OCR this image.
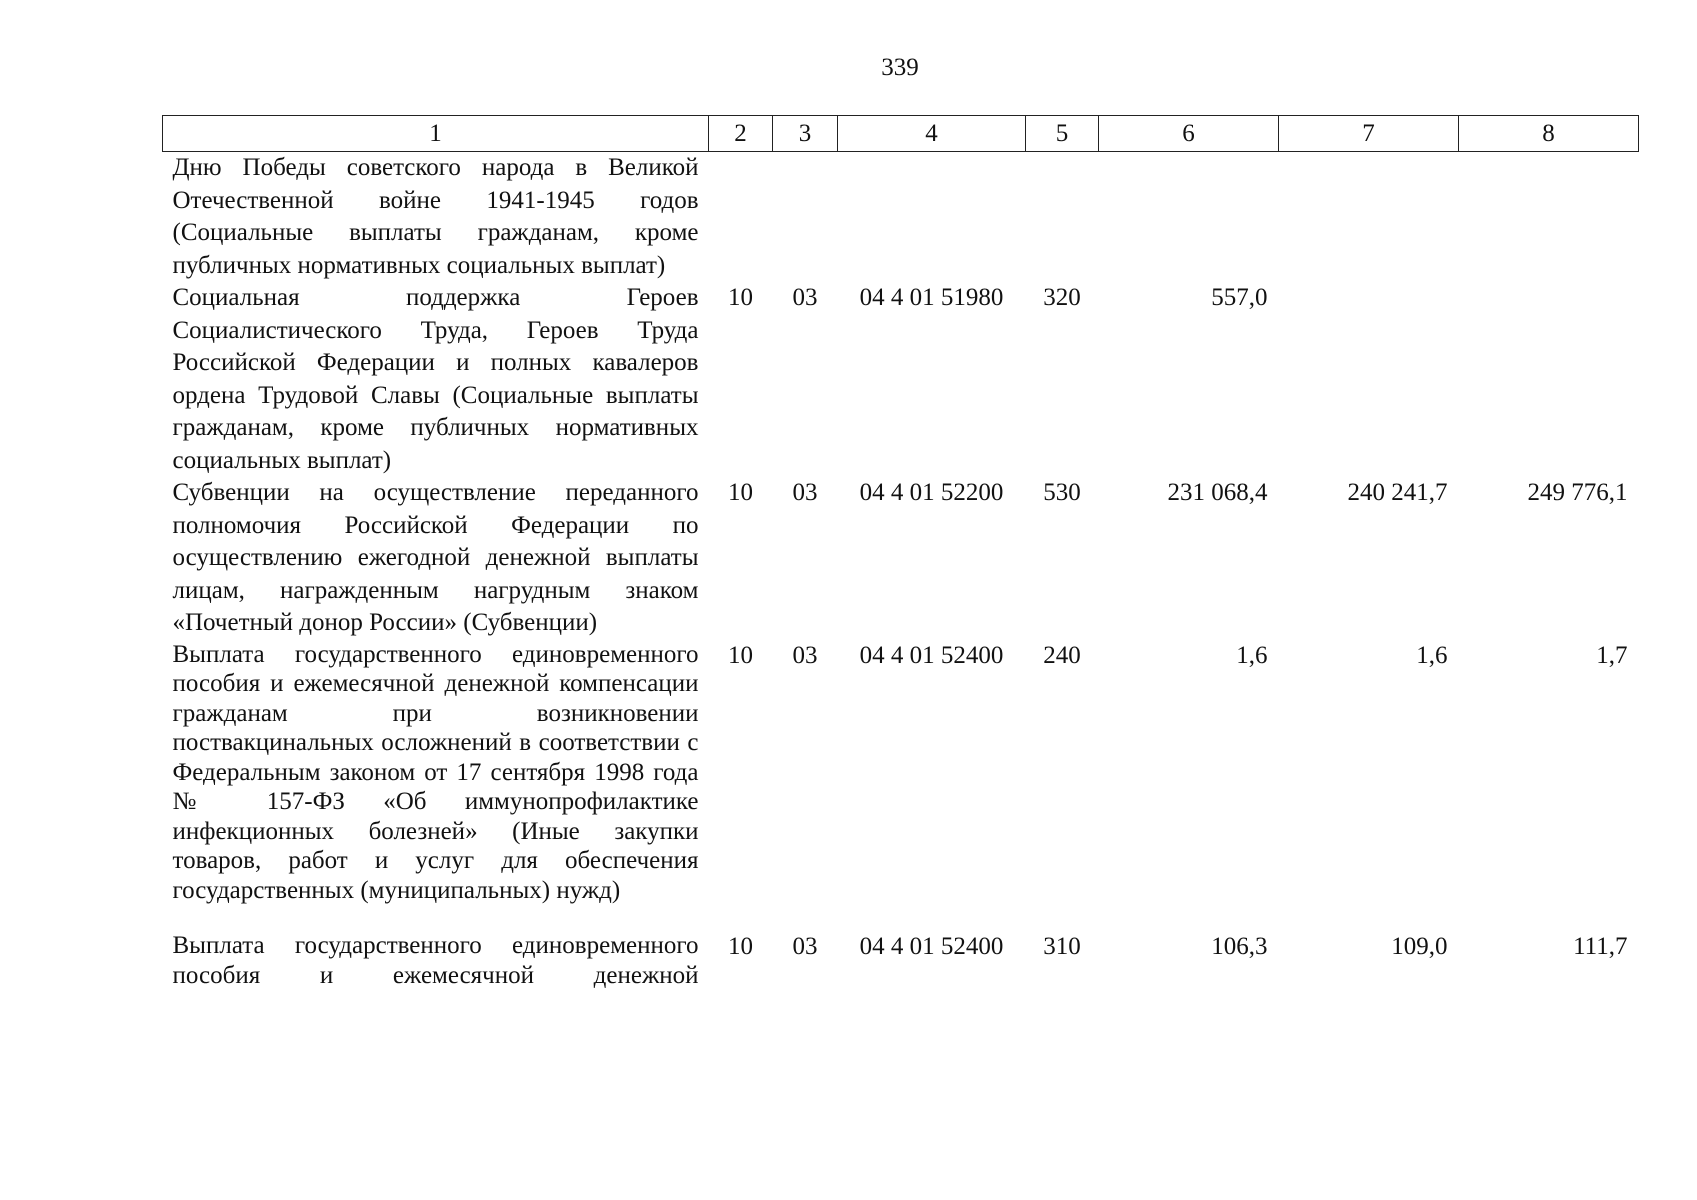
339
1	2	3	4	5	6	7	8
Дню Победы советского народа в Великой Отечественной войне 1941-1945 годов (Социальные выплаты гражданам, кроме публичных нормативных социальных выплат)							
Социальная поддержка Героев Социалистического Труда, Героев Труда Российской Федерации и полных кавалеров ордена Трудовой Славы (Социальные выплаты гражданам, кроме публичных нормативных социальных выплат)	10	03	04 4 01 51980	320	557,0		
Субвенции на осуществление переданного полномочия Российской Федерации по осуществлению ежегодной денежной выплаты лицам, награжденным нагрудным знаком «Почетный донор России» (Субвенции)	10	03	04 4 01 52200	530	231 068,4	240 241,7	249 776,1
Выплата государственного единовременного пособия и ежемесячной денежной компенсации гражданам при возникновении поствакцинальных осложнений в соответствии с Федеральным законом от 17 сентября 1998 года № 157-ФЗ «Об иммунопрофилактике инфекционных болезней» (Иные закупки товаров, работ и услуг для обеспечения государственных (муниципальных) нужд)	10	03	04 4 01 52400	240	1,6	1,6	1,7
Выплата государственного единовременного пособия и ежемесячной денежной	10	03	04 4 01 52400	310	106,3	109,0	111,7
